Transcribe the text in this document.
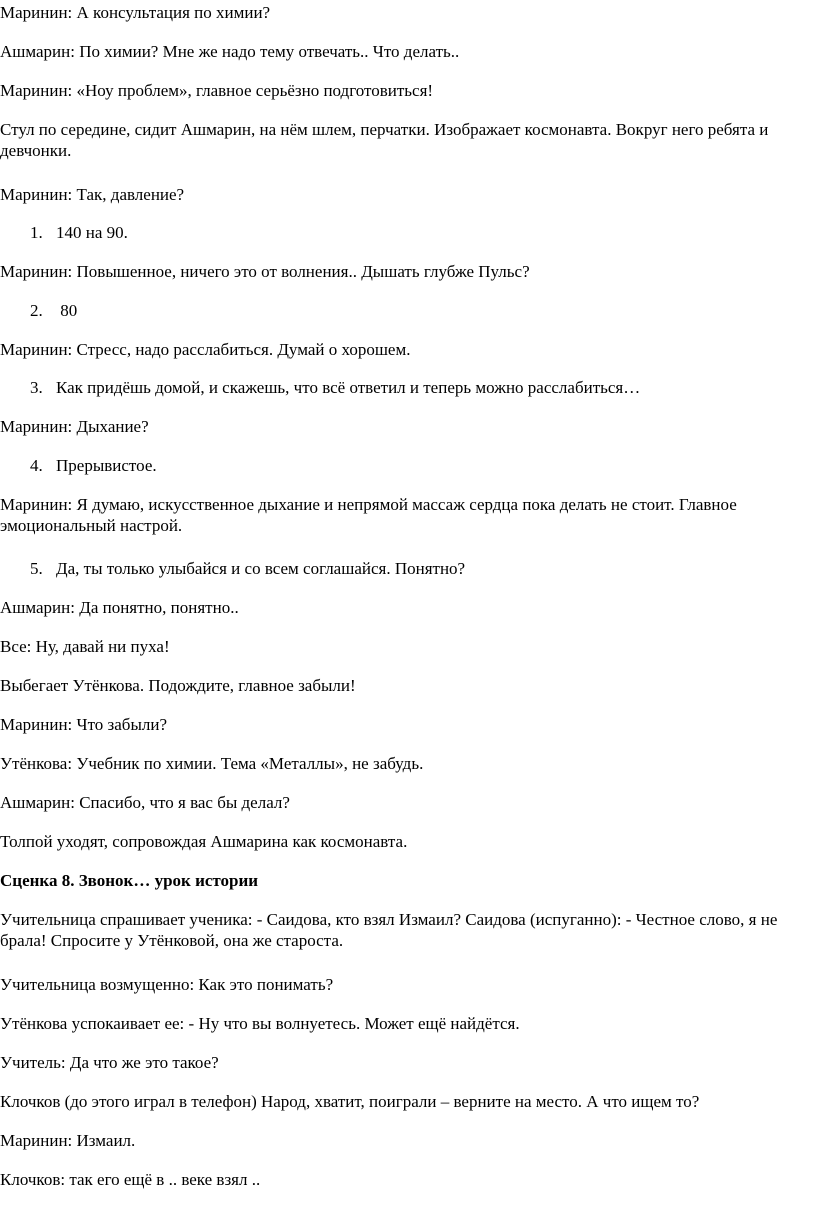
Маринин: А консультация по химии?
Ашмарин: По химии? Мне же надо тему отвечать.. Что делать..
Маринин: «Ноу проблем», главное серьёзно подготовиться!
Стул по середине, сидит Ашмарин, на нём шлем, перчатки. Изображает космонавта. Вокруг него ребята и девчонки.
Маринин: Так, давление?
1. 140 на 90.
Маринин: Повышенное, ничего это от волнения.. Дышать глубже Пульс?
2. 80
Маринин: Стресс, надо расслабиться. Думай о хорошем.
3. Как придёшь домой, и скажешь, что всё ответил и теперь можно расслабиться…
Маринин: Дыхание?
4. Прерывистое.
Маринин: Я думаю, искусственное дыхание и непрямой массаж сердца пока делать не стоит. Главное эмоциональный настрой.
5. Да, ты только улыбайся и со всем соглашайся. Понятно?
Ашмарин: Да понятно, понятно..
Все: Ну, давай ни пуха!
Выбегает Утёнкова. Подождите, главное забыли!
Маринин: Что забыли?
Утёнкова: Учебник по химии. Тема «Металлы», не забудь.
Ашмарин: Спасибо, что я вас бы делал?
Толпой уходят, сопровождая Ашмарина как космонавта.
Сценка 8. Звонок… урок истории
Учительница спрашивает ученика: - Саидова, кто взял Измаил? Саидова (испуганно): - Честное слово, я не брала! Спросите у Утёнковой, она же староста.
Учительница возмущенно: Как это понимать?
Утёнкова успокаивает ее: - Ну что вы волнуетесь. Может ещё найдётся.
Учитель: Да что же это такое?
Клочков (до этого играл в телефон) Народ, хватит, поиграли – верните на место. А что ищем то?
Маринин: Измаил.
Клочков: так его ещё в .. веке взял ..
